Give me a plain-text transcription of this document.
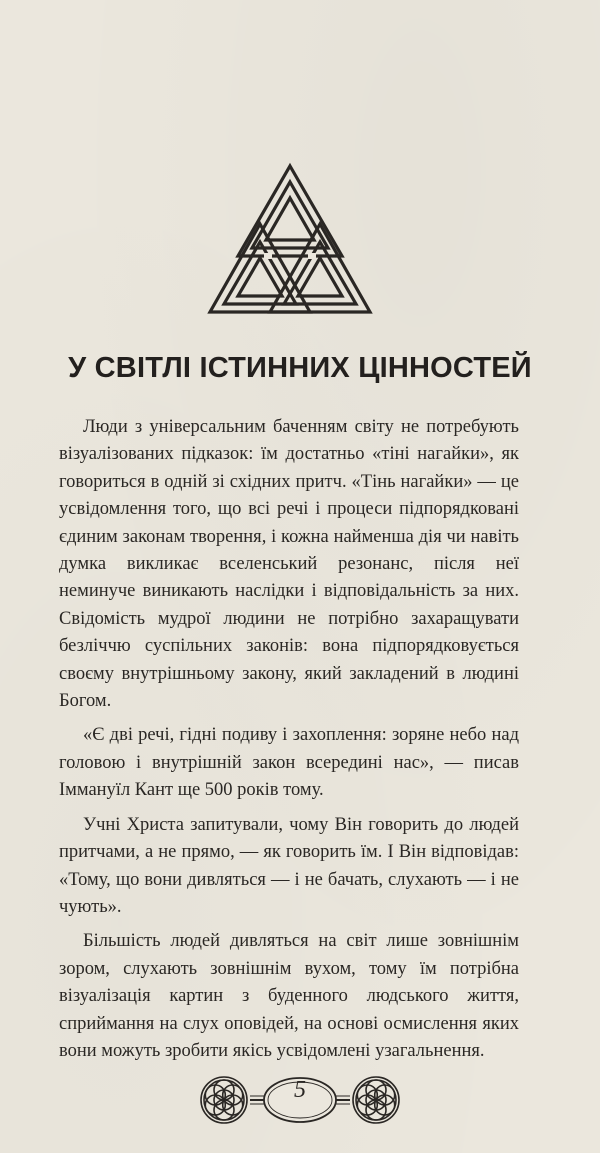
У СВІТЛІ ІСТИННИХ ЦІННОСТЕЙ

Люди з універсальним баченням світу не потребують візуалізованих підказок: їм достатньо «тіні нагайки», як говориться в одній зі східних притч. «Тінь нагайки» — це усвідомлення того, що всі речі і процеси підпорядковані єдиним законам творення, і кожна найменша дія чи навіть думка викликає вселенський резонанс, після неї неминуче виникають наслідки і відповідальність за них. Свідомість мудрої людини не потрібно захаращувати безліччю суспільних законів: вона підпорядковується своєму внутрішньому закону, який закладений в людині Богом.

«Є дві речі, гідні подиву і захоплення: зоряне небо над головою і внутрішній закон всередині нас», — писав Іммануїл Кант ще 500 років тому.

Учні Христа запитували, чому Він говорить до людей притчами, а не прямо, — як говорить їм. І Він відповідав: «Тому, що вони дивляться — і не бачать, слухають — і не чують».

Більшість людей дивляться на світ лише зовнішнім зором, слухають зовнішнім вухом, тому їм потрібна візуалізація картин з буденного людського життя, сприймання на слух оповідей, на основі осмислення яких вони можуть зробити якісь усвідомлені узагальнення.

5
